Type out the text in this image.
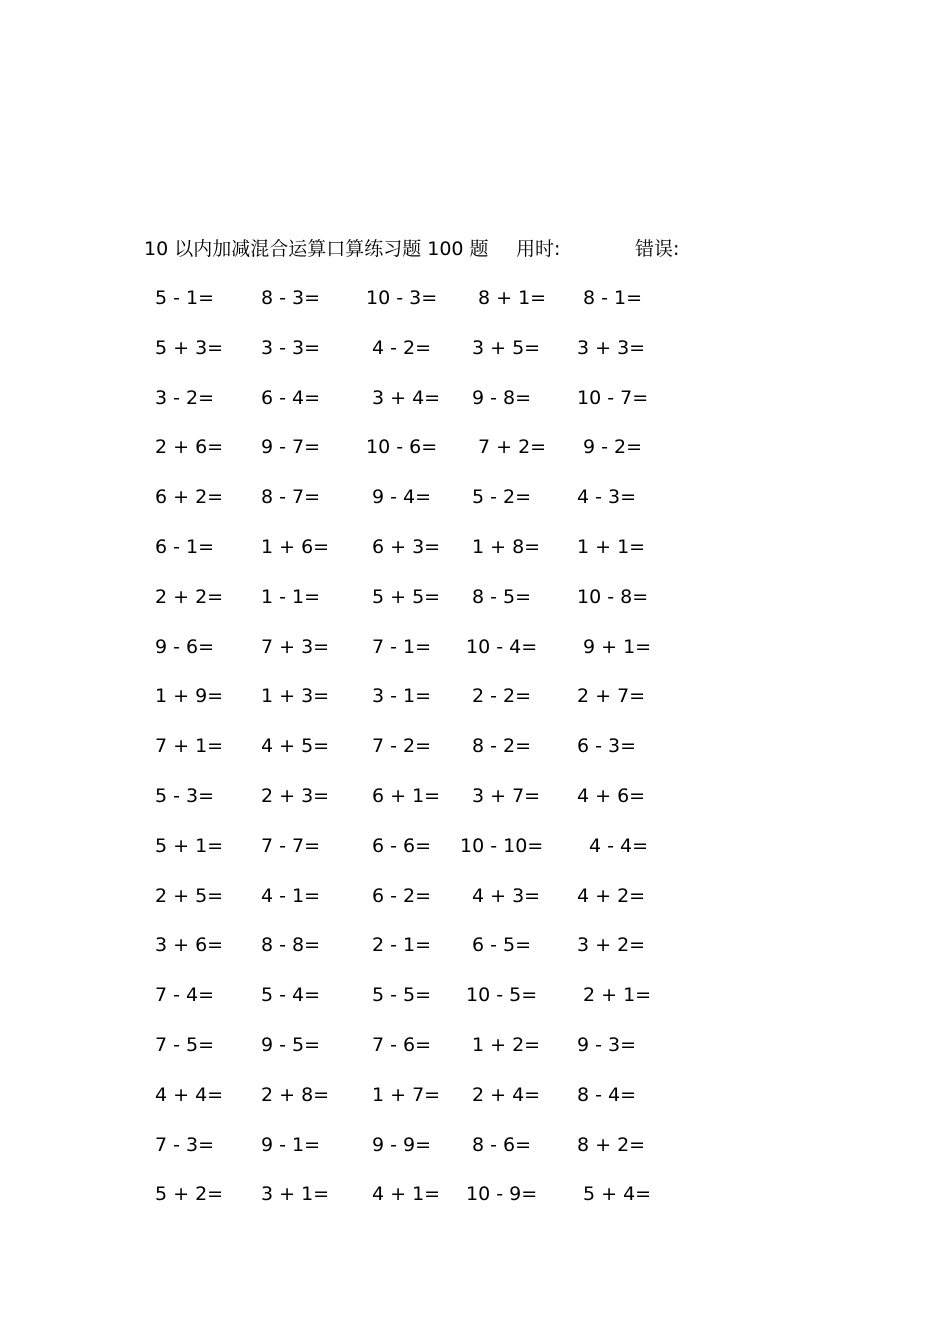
10 以内加减混合运算口算练习题 100 题 用时:	错误:
5 - 1= 8 - 3= 10 - 3= 8 + 1= 8 - 1=
5 + 3= 3 - 3=	4 - 2= 3 + 5= 3 + 3=
3 - 2= 6 - 4=	3 + 4= 9 - 8= 10 - 7=
2 + 6= 9 - 7= 10 - 6= 7 + 2= 9 - 2=
6 + 2= 8 - 7=	9 - 4= 5 - 2= 4 - 3=
6 - 1= 1 + 6= 6 + 3= 1 + 8= 1 + 1=
2 + 2= 1 - 1=	5 + 5= 8 - 5= 10 - 8=
9 - 6= 7 + 3= 7 - 1= 10 - 4= 9 + 1=
1 + 9= 1 + 3= 3 - 1= 2 - 2= 2 + 7=
7 + 1= 4 + 5= 7 - 2= 8 - 2= 6 - 3=
5 - 3= 2 + 3= 6 + 1= 3 + 7= 4 + 6=
5 + 1= 7 - 7=	6 - 6= 10 - 10= 4 - 4=
2 + 5= 4 - 1=	6 - 2= 4 + 3= 4 + 2=
3 + 6= 8 - 8=	2 - 1= 6 - 5= 3 + 2=
7 - 4= 5 - 4=	5 - 5= 10 - 5= 2 + 1=
7 - 5= 9 - 5=	7 - 6= 1 + 2= 9 - 3=
4 + 4= 2 + 8= 1 + 7= 2 + 4= 8 - 4=
7 - 3= 9 - 1=	9 - 9= 8 - 6= 8 + 2=
5 + 2= 3 + 1= 4 + 1= 10 - 9= 5 + 4=
